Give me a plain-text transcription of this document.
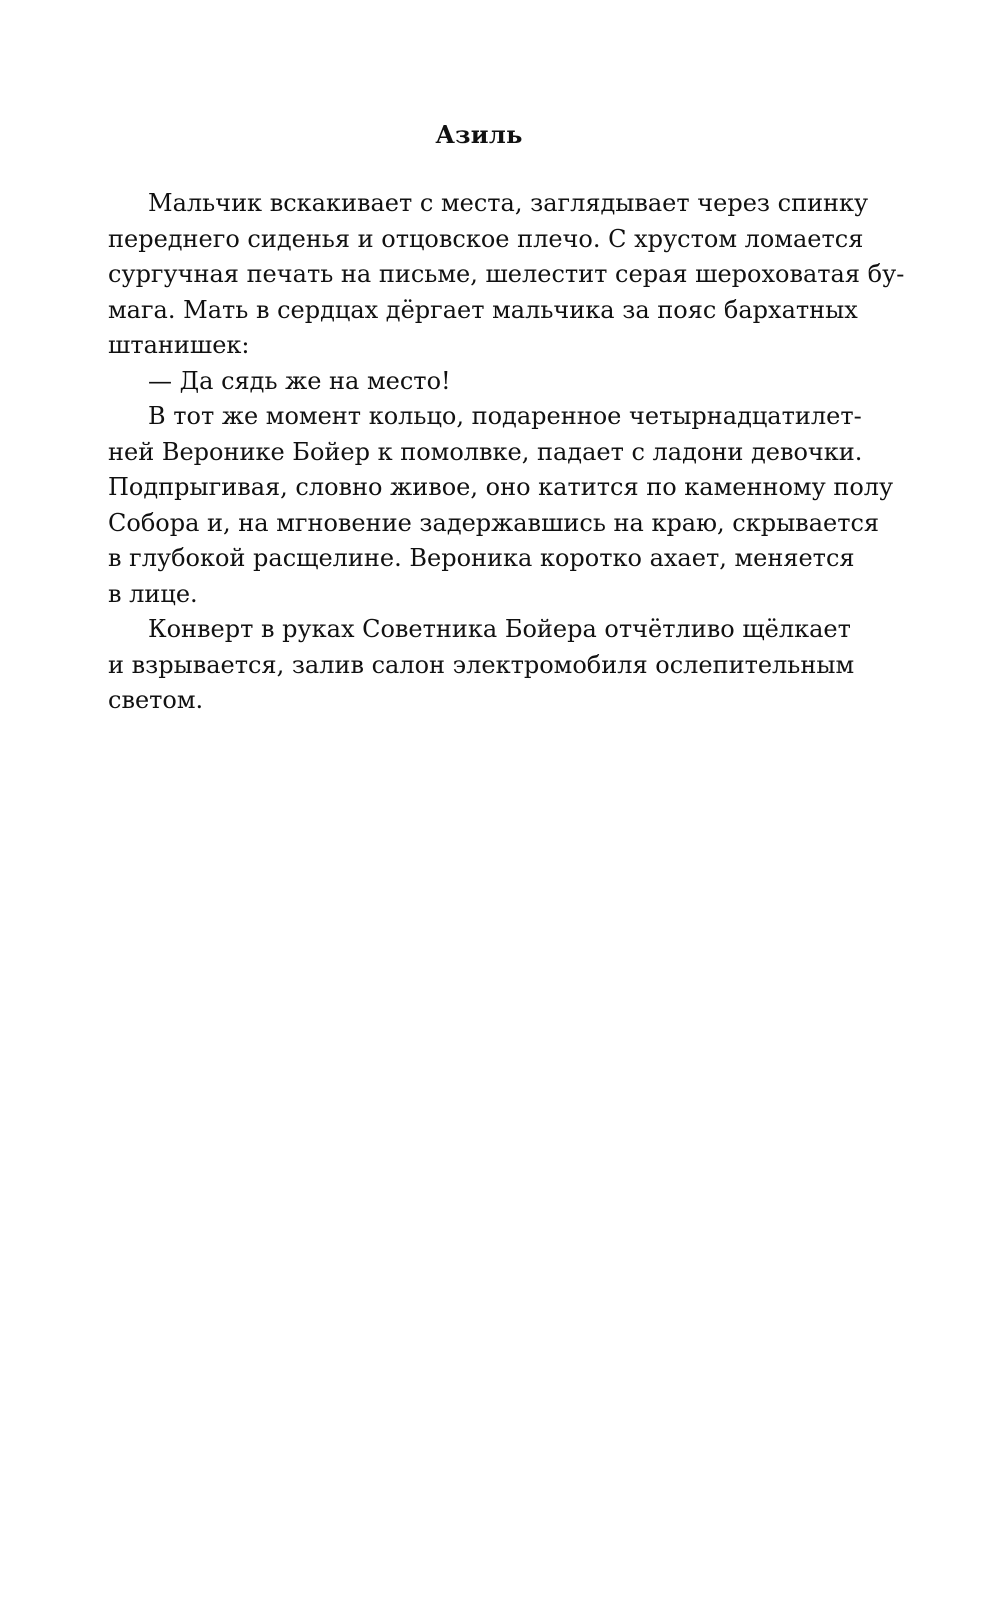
Азиль

Мальчик вскакивает с места, заглядывает через спинку
переднего сиденья и отцовское плечо. С хрустом ломается
сургучная печать на письме, шелестит серая шероховатая бу-
мага. Мать в сердцах дёргает мальчика за пояс бархатных
штанишек:

— Да сядь же на место!

В тот же момент кольцо, подаренное четырнадцатилет-
ней Веронике Бойер к помолвке, падает с ладони девочки.
Подпрыгивая, словно живое, оно катится по каменному полу
Собора и, на мгновение задержавшись на краю, скрывается
в глубокой расщелине. Вероника коротко ахает, меняется
в лице.

Конверт в руках Советника Бойера отчётливо щёлкает
и взрывается, залив салон электромобиля ослепительным
светом.
